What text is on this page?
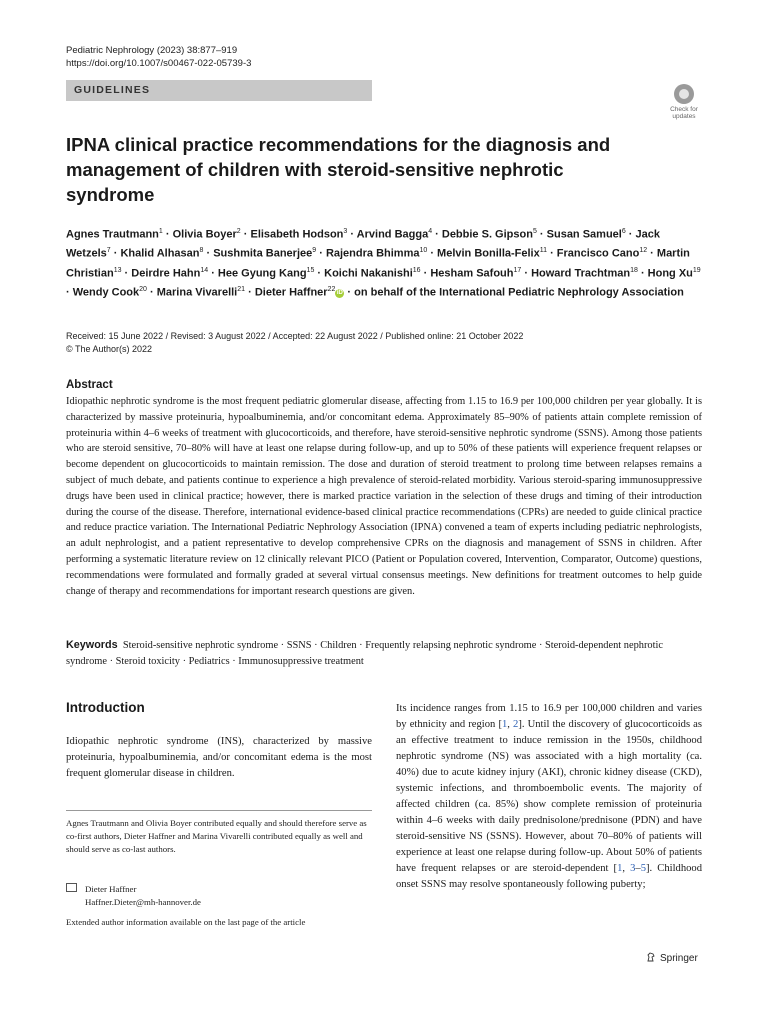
Pediatric Nephrology (2023) 38:877–919
https://doi.org/10.1007/s00467-022-05739-3
GUIDELINES
Check for updates
IPNA clinical practice recommendations for the diagnosis and management of children with steroid-sensitive nephrotic syndrome
Agnes Trautmann$^1$ · Olivia Boyer$^2$ · Elisabeth Hodson$^3$ · Arvind Bagga$^4$ · Debbie S. Gipson$^5$ · Susan Samuel$^6$ · Jack Wetzels$^7$ · Khalid Alhasan$^8$ · Sushmita Banerjee$^9$ · Rajendra Bhimma$^{10}$ · Melvin Bonilla-Felix$^{11}$ · Francisco Cano$^{12}$ · Martin Christian$^{13}$ · Deirdre Hahn$^{14}$ · Hee Gyung Kang$^{15}$ · Koichi Nakanishi$^{16}$ · Hesham Safouh$^{17}$ · Howard Trachtman$^{18}$ · Hong $Xu^{19}$ · Wendy Cook$^{20}$ · Marina Vivarelli$^{21}$ · Dieter Haffner$^{22}$iD · on behalf of the International Pediatric Nephrology Association
Received: 15 June 2022 / Revised: 3 August 2022 / Accepted: 22 August 2022 / Published online: 21 October 2022
© The Author(s) 2022
Abstract
Idiopathic nephrotic syndrome is the most frequent pediatric glomerular disease, affecting from 1.15 to 16.9 per 100,000 children per year globally. It is characterized by massive proteinuria, hypoalbuminemia, and/or concomitant edema. Approximately 85–90% of patients attain complete remission of proteinuria within 4–6 weeks of treatment with glucocorticoids, and therefore, have steroid-sensitive nephrotic syndrome (SSNS). Among those patients who are steroid sensitive, 70–80% will have at least one relapse during follow-up, and up to 50% of these patients will experience frequent relapses or become dependent on glucocorticoids to maintain remission. The dose and duration of steroid treatment to prolong time between relapses remains a subject of much debate, and patients continue to experience a high prevalence of steroid-related morbidity. Various steroid-sparing immunosuppressive drugs have been used in clinical practice; however, there is marked practice variation in the selection of these drugs and timing of their introduction during the course of the disease. Therefore, international evidence-based clinical practice recommendations (CPRs) are needed to guide clinical practice and reduce practice variation. The International Pediatric Nephrology Association (IPNA) convened a team of experts including pediatric nephrologists, an adult nephrologist, and a patient representative to develop comprehensive CPRs on the diagnosis and management of SSNS in children. After performing a systematic literature review on 12 clinically relevant PICO (Patient or Population covered, Intervention, Comparator, Outcome) questions, recommendations were formulated and formally graded at several virtual consensus meetings. New definitions for treatment outcomes to help guide change of therapy and recommendations for important research questions are given.
Keywords Steroid-sensitive nephrotic syndrome · SSNS · Children · Frequently relapsing nephrotic syndrome · Steroid-dependent nephrotic syndrome · Steroid toxicity · Pediatrics · Immunosuppressive treatment
Introduction
Idiopathic nephrotic syndrome (INS), characterized by massive proteinuria, hypoalbuminemia, and/or concomitant edema is the most frequent glomerular disease in children.
Agnes Trautmann and Olivia Boyer contributed equally and should therefore serve as co-first authors, Dieter Haffner and Marina Vivarelli contributed equally as well and should serve as co-last authors.
Dieter Haffner
Haffner.Dieter@mh-hannover.de
Extended author information available on the last page of the article
Its incidence ranges from 1.15 to 16.9 per 100,000 children and varies by ethnicity and region [1, 2]. Until the discovery of glucocorticoids as an effective treatment to induce remission in the 1950s, childhood nephrotic syndrome (NS) was associated with a high mortality (ca. 40%) due to acute kidney injury (AKI), chronic kidney disease (CKD), systemic infections, and thromboembolic events. The majority of affected children (ca. 85%) show complete remission of proteinuria within 4–6 weeks with daily prednisolone/prednisone (PDN) and have steroid-sensitive NS (SSNS). However, about 70–80% of patients will experience at least one relapse during follow-up. About 50% of patients have frequent relapses or are steroid-dependent [1, 3–5]. Childhood onset SSNS may resolve spontaneously following puberty;
Springer
